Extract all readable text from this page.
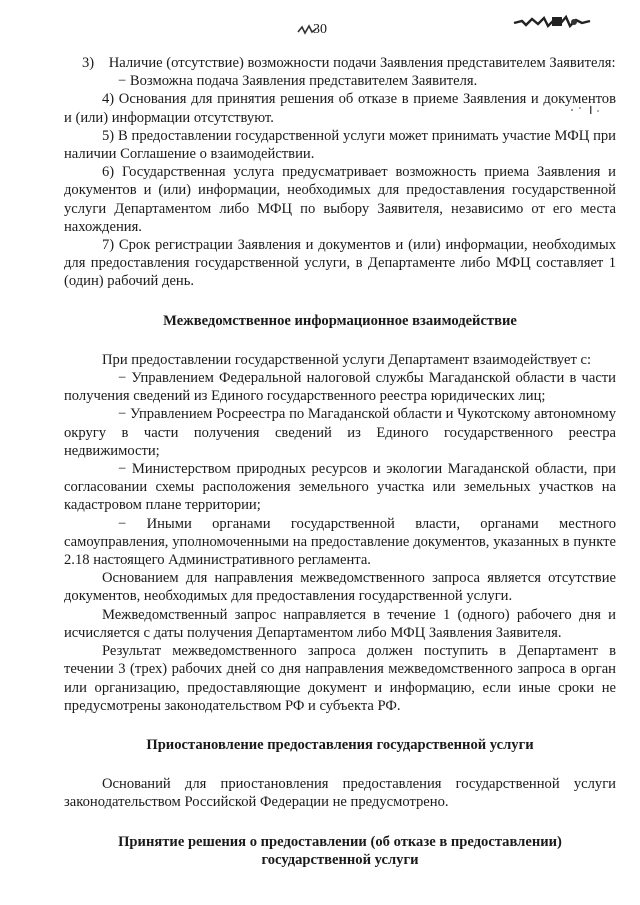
30

3)    Наличие (отсутствие) возможности подачи Заявления представителем Заявителя:

− Возможна подача Заявления представителем Заявителя.

4) Основания для принятия решения об отказе в приеме Заявления и документов и (или) информации отсутствуют.

5) В предоставлении государственной услуги может принимать участие МФЦ при наличии Соглашение о взаимодействии.

6) Государственная услуга предусматривает возможность приема Заявления и документов и (или) информации, необходимых для предоставления государственной услуги Департаментом либо МФЦ по выбору Заявителя, независимо от его места нахождения.

7) Срок регистрации Заявления и документов и (или) информации, необходимых для предоставления государственной услуги, в Департаменте либо МФЦ составляет 1 (один) рабочий день.

Межведомственное информационное взаимодействие

При предоставлении государственной услуги Департамент взаимодействует с:

− Управлением Федеральной налоговой службы Магаданской области в части получения сведений из Единого государственного реестра юридических лиц;

− Управлением Росреестра по Магаданской области и Чукотскому автономному округу в части получения сведений из Единого государственного реестра недвижимости;

− Министерством природных ресурсов и экологии Магаданской области, при согласовании схемы расположения земельного участка или земельных участков на кадастровом плане территории;

− Иными органами государственной власти, органами местного самоуправления, уполномоченными на предоставление документов, указанных в пункте 2.18 настоящего Административного регламента.

Основанием для направления межведомственного запроса является отсутствие документов, необходимых для предоставления государственной услуги.

Межведомственный запрос направляется в течение 1 (одного) рабочего дня и исчисляется с даты получения Департаментом либо МФЦ Заявления Заявителя.

Результат межведомственного запроса должен поступить в Департамент в течении 3 (трех) рабочих дней со дня направления межведомственного запроса в орган или организацию, предоставляющие документ и информацию, если иные сроки не предусмотрены законодательством РФ и субъекта РФ.

Приостановление предоставления государственной услуги

Оснований для приостановления предоставления государственной услуги законодательством Российской Федерации не предусмотрено.

Принятие решения о предоставлении (об отказе в предоставлении)
государственной услуги
